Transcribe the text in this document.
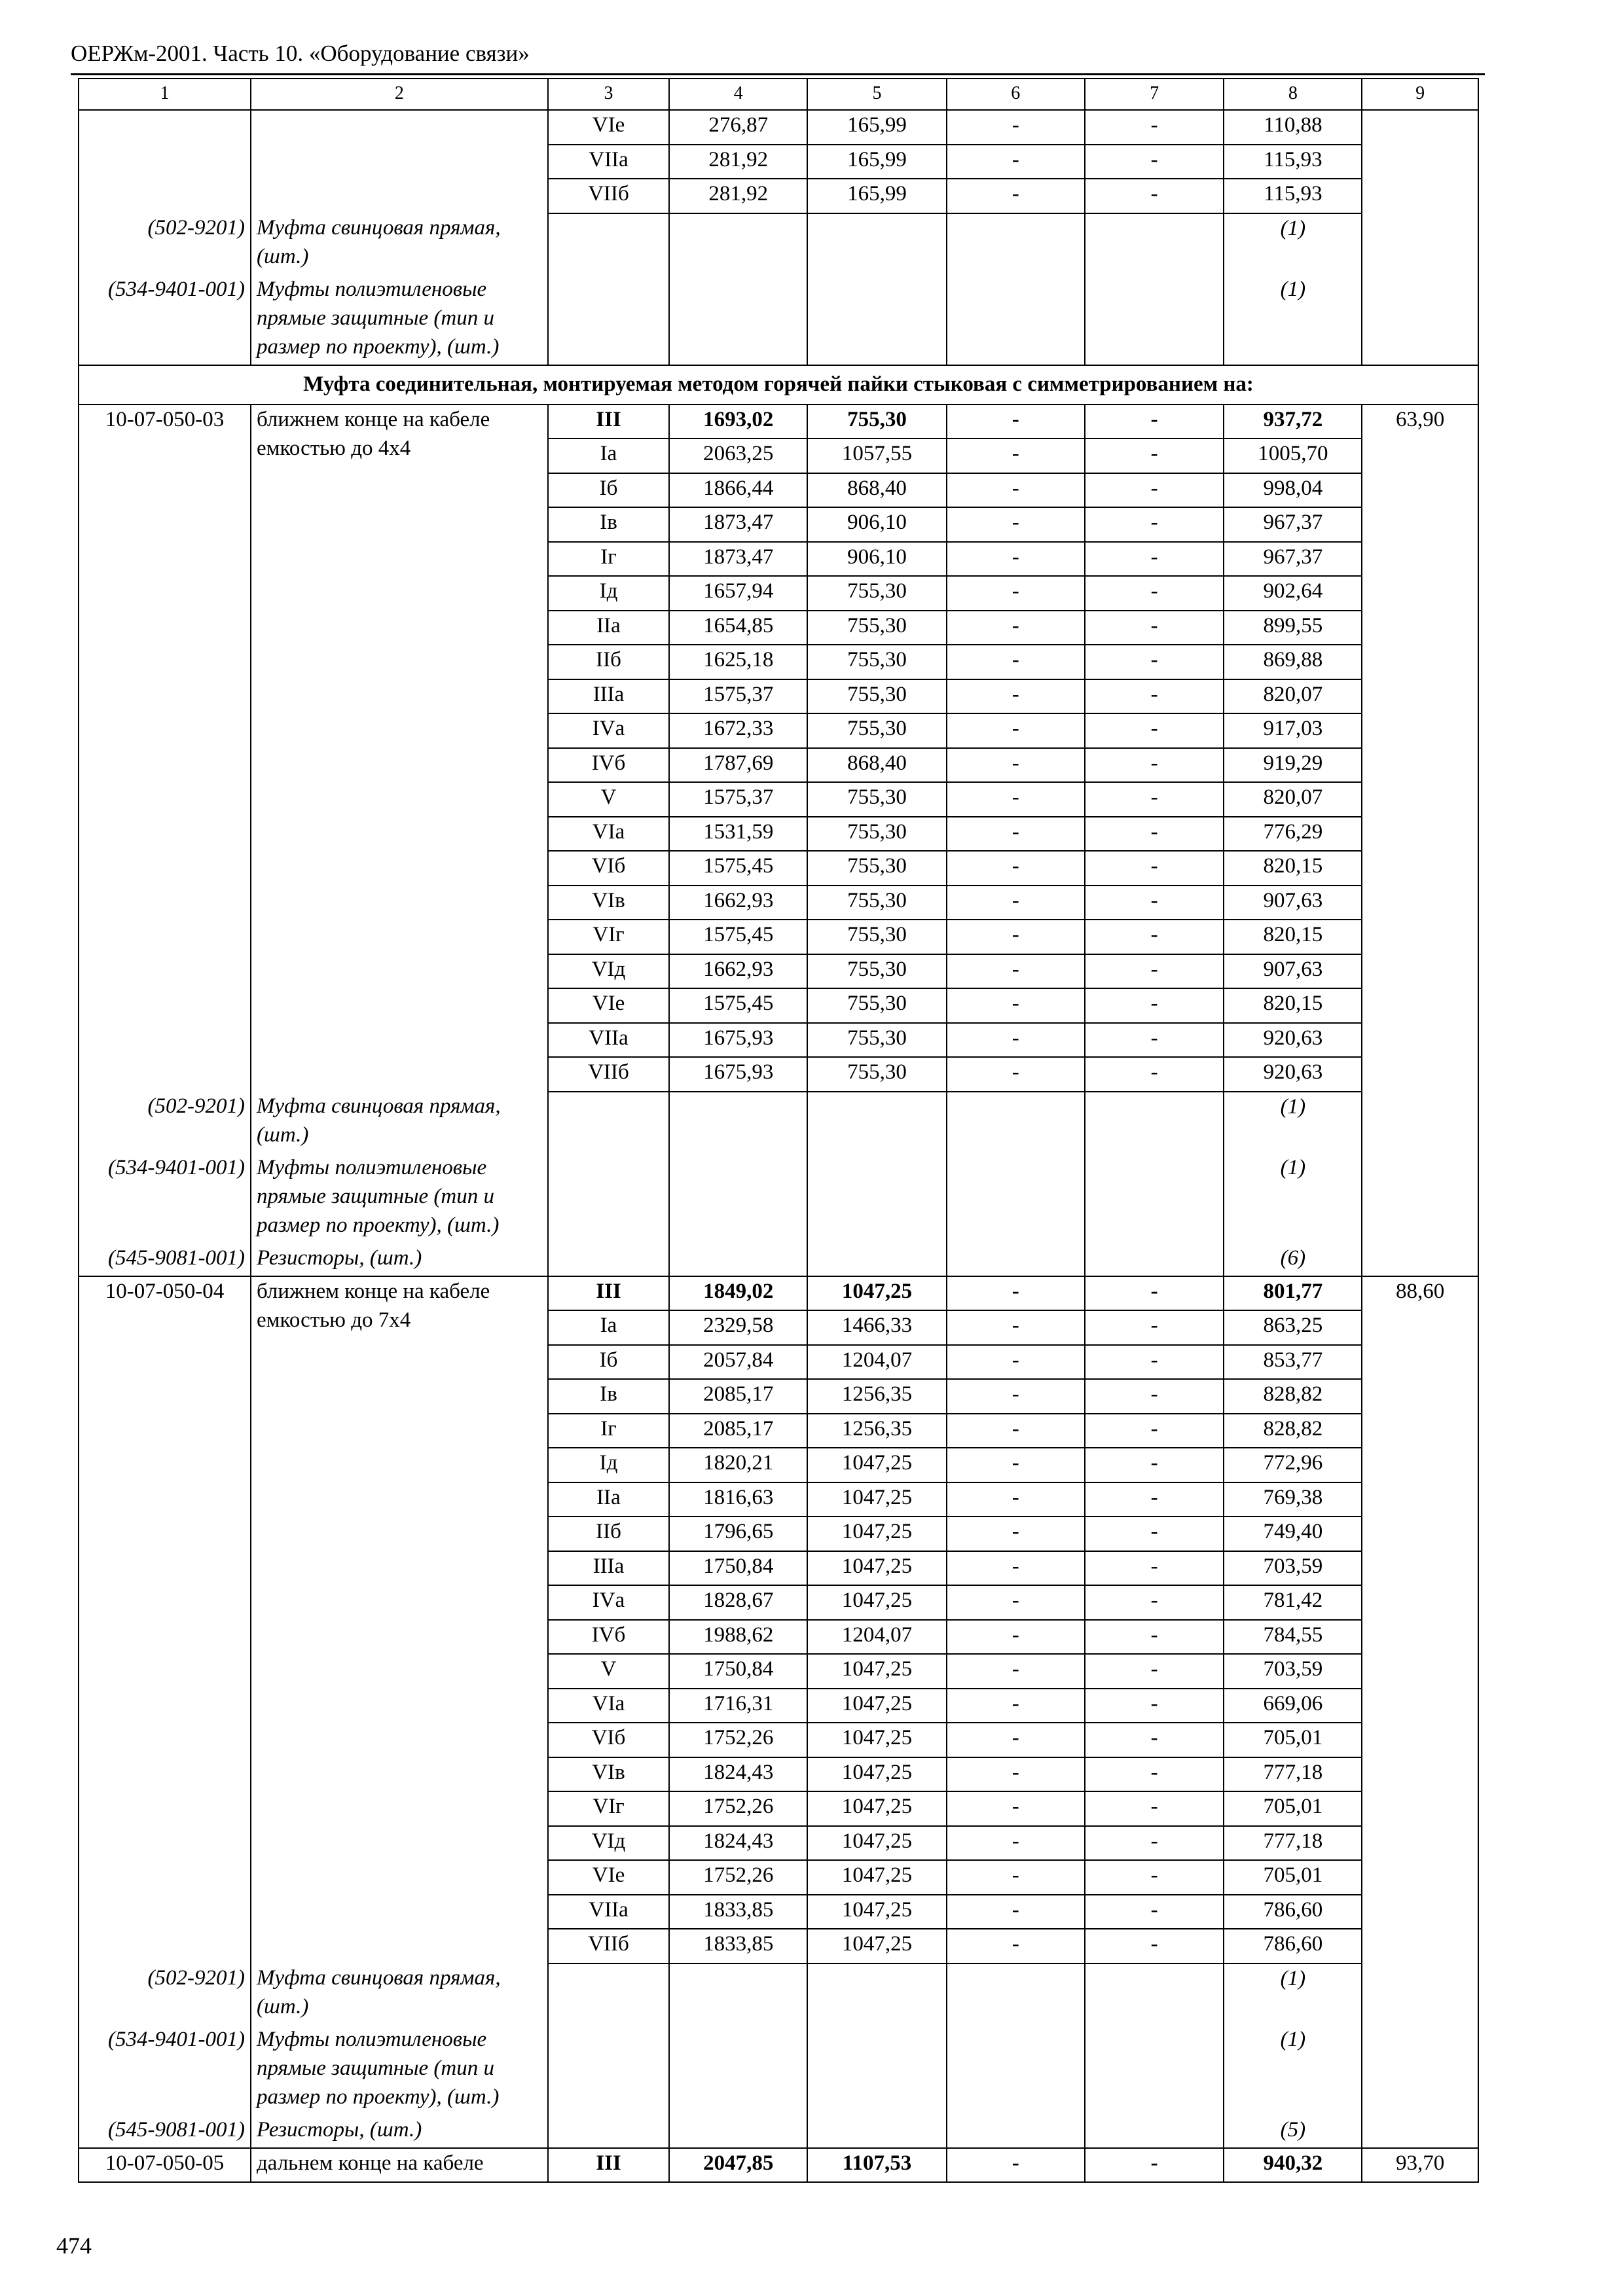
ОЕРЖм-2001. Часть 10. «Оборудование связи»
1	2	3	4	5	6	7	8	9
		VIе	276,87	165,99	-	-	110,88	
		VIIа	281,92	165,99	-	-	115,93	
		VIIб	281,92	165,99	-	-	115,93	
(502-9201)	Муфта свинцовая прямая, (шт.)						(1)	
(534-9401-001)	Муфты полиэтиленовые прямые защитные (тип и размер по проекту), (шт.)						(1)	
Муфта соединительная, монтируемая методом горячей пайки стыковая с симметрированием на:								
10-07-050-03	ближнем конце на кабеле емкостью до 4х4	III	1693,02	755,30	-	-	937,72	63,90
		Iа	2063,25	1057,55	-	-	1005,70	
		Iб	1866,44	868,40	-	-	998,04	
		Iв	1873,47	906,10	-	-	967,37	
		Iг	1873,47	906,10	-	-	967,37	
		Iд	1657,94	755,30	-	-	902,64	
		IIа	1654,85	755,30	-	-	899,55	
		IIб	1625,18	755,30	-	-	869,88	
		IIIа	1575,37	755,30	-	-	820,07	
		IVа	1672,33	755,30	-	-	917,03	
		IVб	1787,69	868,40	-	-	919,29	
		V	1575,37	755,30	-	-	820,07	
		VIа	1531,59	755,30	-	-	776,29	
		VIб	1575,45	755,30	-	-	820,15	
		VIв	1662,93	755,30	-	-	907,63	
		VIг	1575,45	755,30	-	-	820,15	
		VIд	1662,93	755,30	-	-	907,63	
		VIе	1575,45	755,30	-	-	820,15	
		VIIа	1675,93	755,30	-	-	920,63	
		VIIб	1675,93	755,30	-	-	920,63	
(502-9201)	Муфта свинцовая прямая, (шт.)						(1)	
(534-9401-001)	Муфты полиэтиленовые прямые защитные (тип и размер по проекту), (шт.)						(1)	
(545-9081-001)	Резисторы, (шт.)						(6)	
10-07-050-04	ближнем конце на кабеле емкостью до 7х4	III	1849,02	1047,25	-	-	801,77	88,60
		Iа	2329,58	1466,33	-	-	863,25	
		Iб	2057,84	1204,07	-	-	853,77	
		Iв	2085,17	1256,35	-	-	828,82	
		Iг	2085,17	1256,35	-	-	828,82	
		Iд	1820,21	1047,25	-	-	772,96	
		IIа	1816,63	1047,25	-	-	769,38	
		IIб	1796,65	1047,25	-	-	749,40	
		IIIа	1750,84	1047,25	-	-	703,59	
		IVа	1828,67	1047,25	-	-	781,42	
		IVб	1988,62	1204,07	-	-	784,55	
		V	1750,84	1047,25	-	-	703,59	
		VIа	1716,31	1047,25	-	-	669,06	
		VIб	1752,26	1047,25	-	-	705,01	
		VIв	1824,43	1047,25	-	-	777,18	
		VIг	1752,26	1047,25	-	-	705,01	
		VIд	1824,43	1047,25	-	-	777,18	
		VIе	1752,26	1047,25	-	-	705,01	
		VIIа	1833,85	1047,25	-	-	786,60	
		VIIб	1833,85	1047,25	-	-	786,60	
(502-9201)	Муфта свинцовая прямая, (шт.)						(1)	
(534-9401-001)	Муфты полиэтиленовые прямые защитные (тип и размер по проекту), (шт.)						(1)	
(545-9081-001)	Резисторы, (шт.)						(5)	
10-07-050-05	дальнем конце на кабеле	III	2047,85	1107,53	-	-	940,32	93,70
474
